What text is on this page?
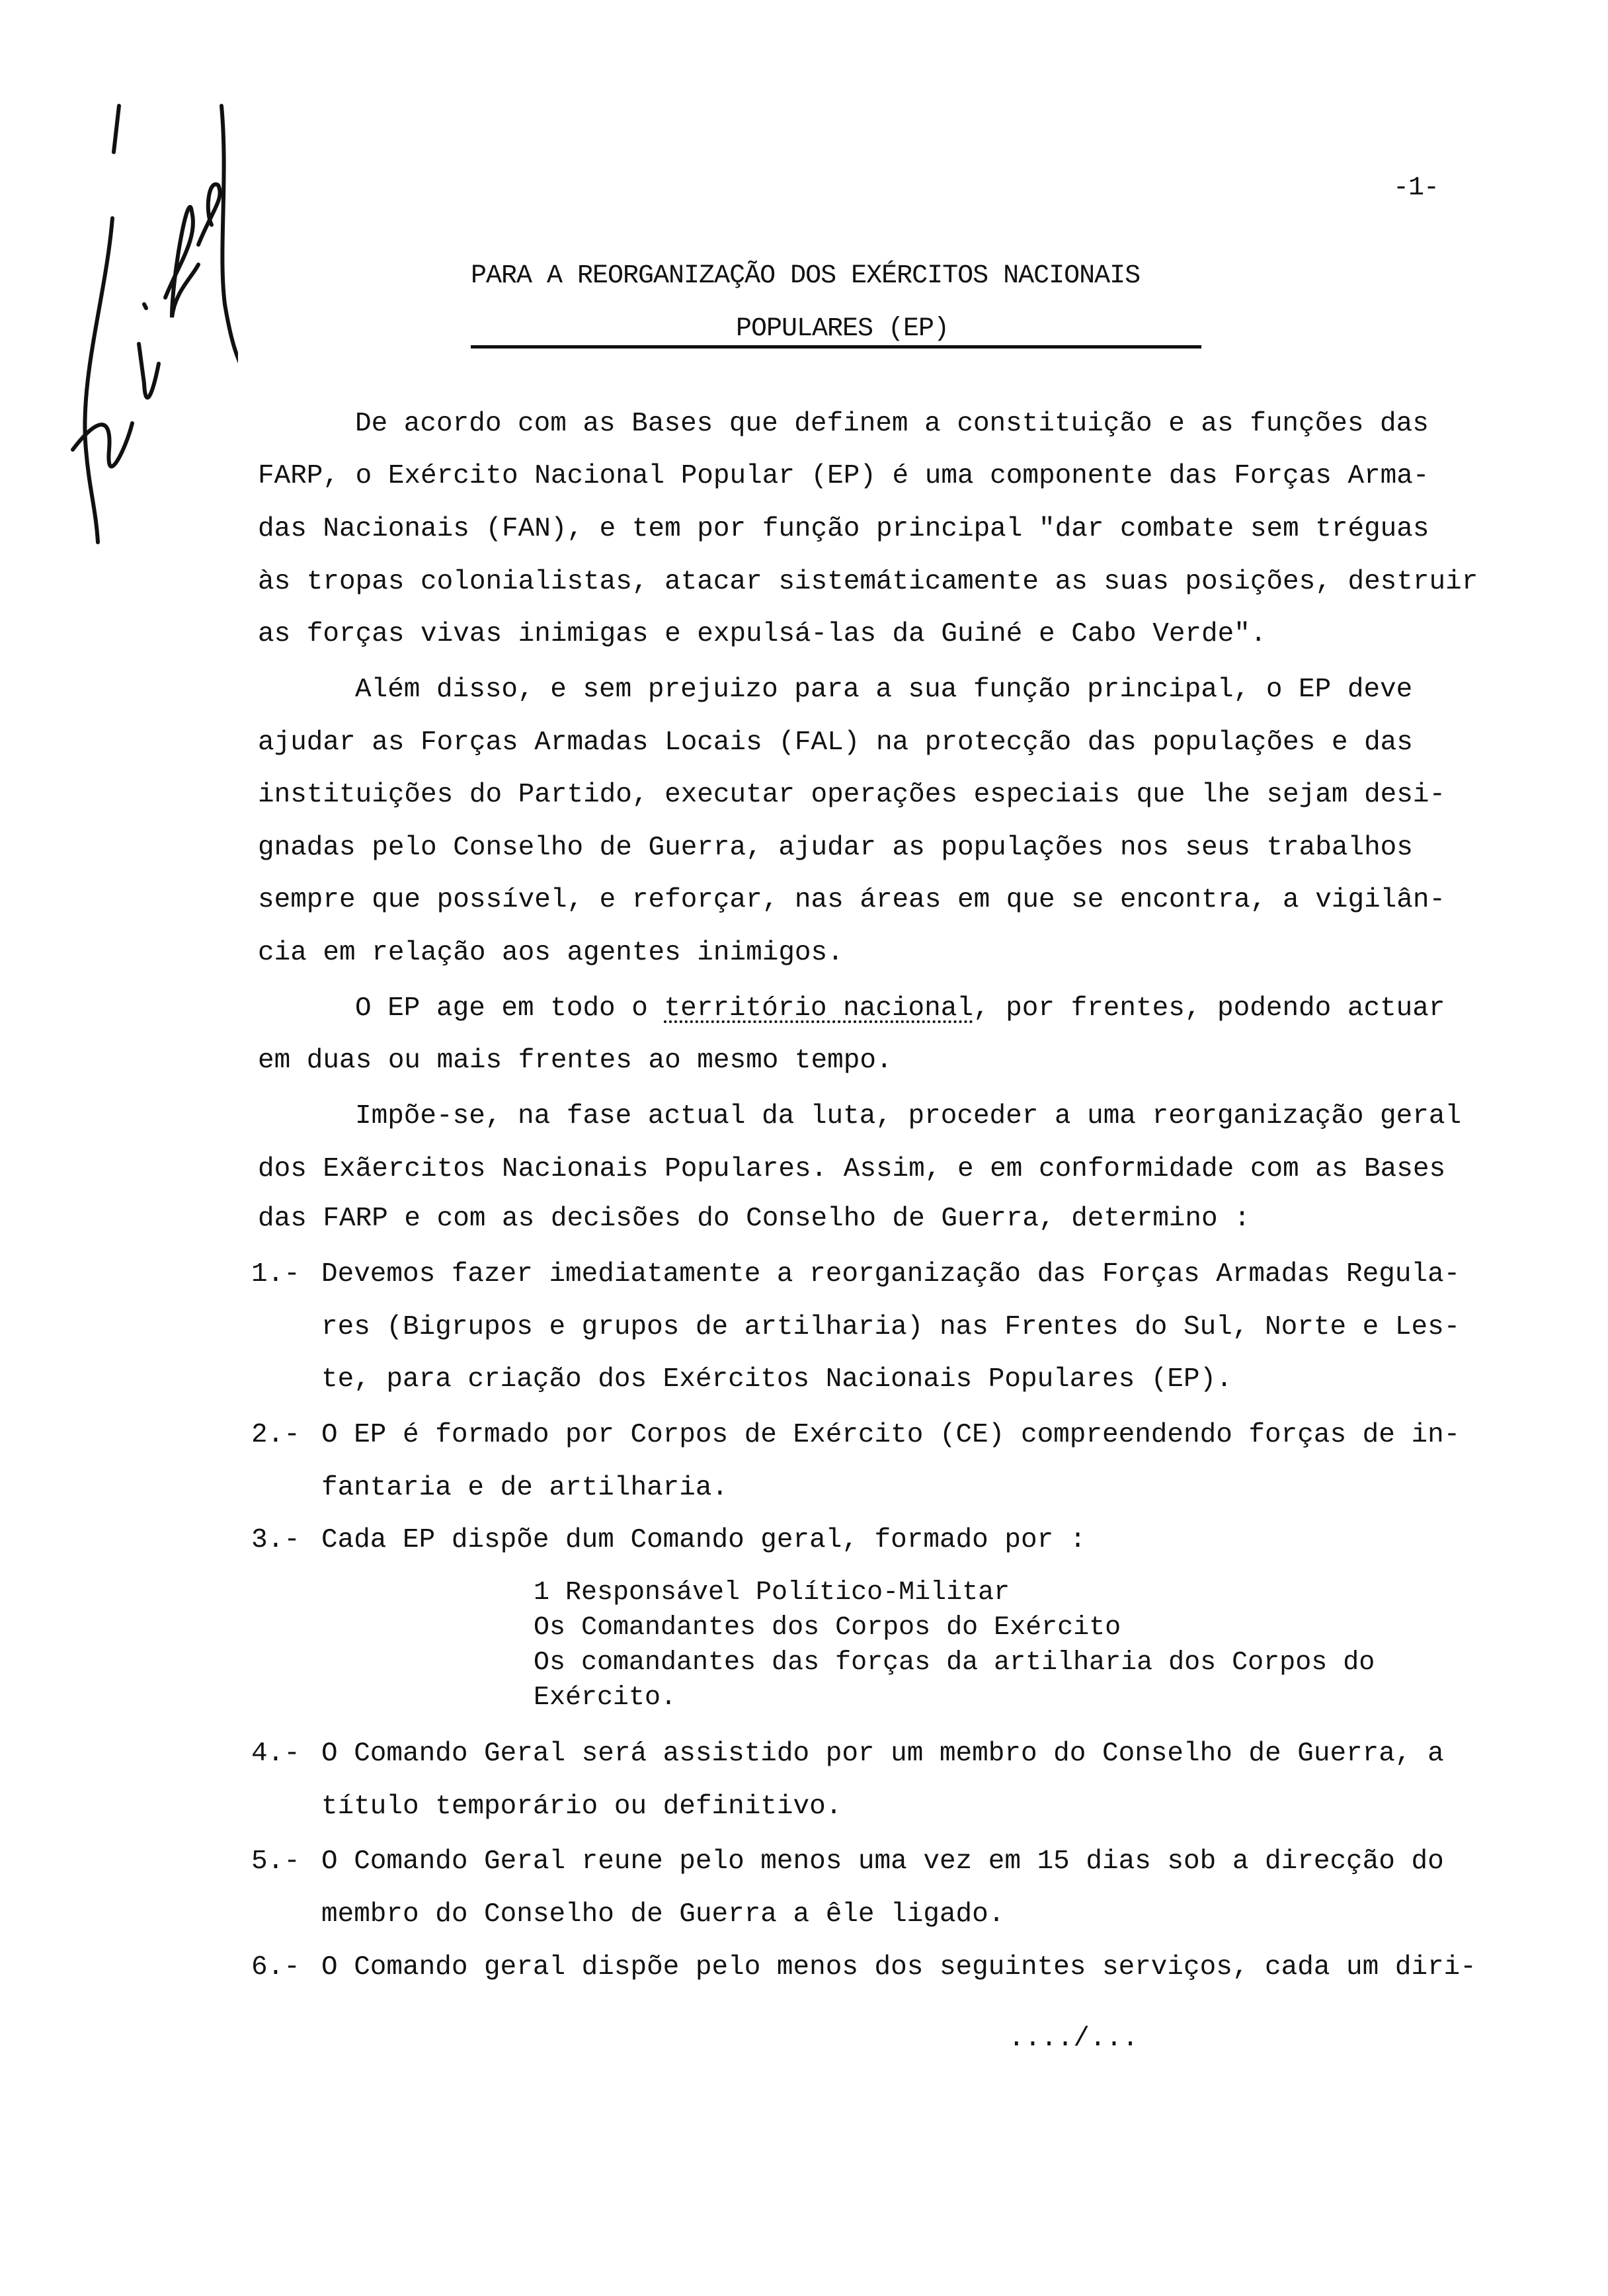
-1-
PARA A REORGANIZAÇÃO DOS EXÉRCITOS NACIONAIS
POPULARES (EP)
De acordo com as Bases que definem a constituição e as funções das
FARP, o Exército Nacional Popular (EP) é uma componente das Forças Arma-
das Nacionais (FAN), e tem por função principal "dar combate sem tréguas
às tropas colonialistas, atacar sistemáticamente as suas posições, destruir
as forças vivas inimigas e expulsá-las da Guiné e Cabo Verde".
Além disso, e sem prejuizo para a sua função principal, o EP deve
ajudar as Forças Armadas Locais (FAL) na protecção das populações e das
instituições do Partido, executar operações especiais que lhe sejam desi-
gnadas pelo Conselho de Guerra, ajudar as populações nos seus trabalhos
sempre que possível, e reforçar, nas áreas em que se encontra, a vigilân-
cia em relação aos agentes inimigos.
O EP age em todo o território nacional, por frentes, podendo actuar
em duas ou mais frentes ao mesmo tempo.
Impõe-se, na fase actual da luta, proceder a uma reorganização geral
dos Exãercitos Nacionais Populares. Assim, e em conformidade com as Bases
das FARP e com as decisões do Conselho de Guerra, determino :
1.- Devemos fazer imediatamente a reorganização das Forças Armadas Regula-
res (Bigrupos e grupos de artilharia) nas Frentes do Sul, Norte e Les-
te, para criação dos Exércitos Nacionais Populares (EP).
2.- O EP é formado por Corpos de Exército (CE) compreendendo forças de in-
fantaria e de artilharia.
3.- Cada EP dispõe dum Comando geral, formado por :
1 Responsável Político-Militar
Os Comandantes dos Corpos do Exército
Os comandantes das forças da artilharia dos Corpos do
Exército.
4.- O Comando Geral será assistido por um membro do Conselho de Guerra, a
título temporário ou definitivo.
5.- O Comando Geral reune pelo menos uma vez em 15 dias sob a direcção do
membro do Conselho de Guerra a êle ligado.
6.- O Comando geral dispõe pelo menos dos seguintes serviços, cada um diri-
..../...
